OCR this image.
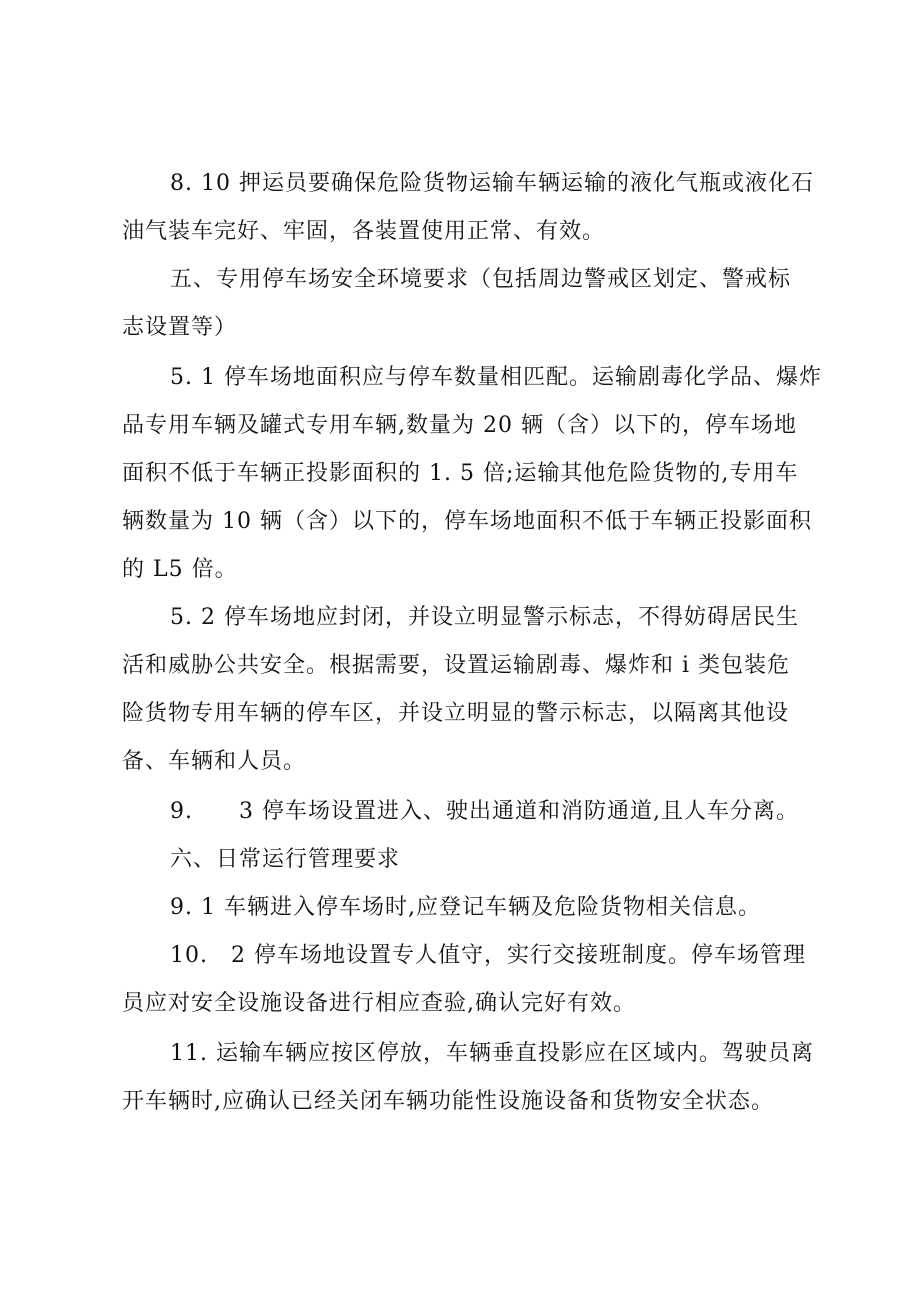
8. 10 押运员要确保危险货物运输车辆运输的液化气瓶或液化石
油气装车完好、牢固，各装置使用正常、有效。
五、专用停车场安全环境要求（包括周边警戒区划定、警戒标
志设置等）
5. 1 停车场地面积应与停车数量相匹配。运输剧毒化学品、爆炸
品专用车辆及罐式专用车辆,数量为 20 辆（含）以下的，停车场地
面积不低于车辆正投影面积的 1. 5 倍;运输其他危险货物的,专用车
辆数量为 10 辆（含）以下的，停车场地面积不低于车辆正投影面积
的 L5 倍。
5. 2 停车场地应封闭，并设立明显警示标志，不得妨碍居民生
活和威胁公共安全。根据需要，设置运输剧毒、爆炸和 i 类包装危
险货物专用车辆的停车区，并设立明显的警示标志，以隔离其他设
备、车辆和人员。
9.　　3 停车场设置进入、驶出通道和消防通道,且人车分离。
六、日常运行管理要求
9. 1 车辆进入停车场时,应登记车辆及危险货物相关信息。
10.　2 停车场地设置专人值守，实行交接班制度。停车场管理
员应对安全设施设备进行相应查验,确认完好有效。
11. 运输车辆应按区停放，车辆垂直投影应在区域内。驾驶员离
开车辆时,应确认已经关闭车辆功能性设施设备和货物安全状态。
